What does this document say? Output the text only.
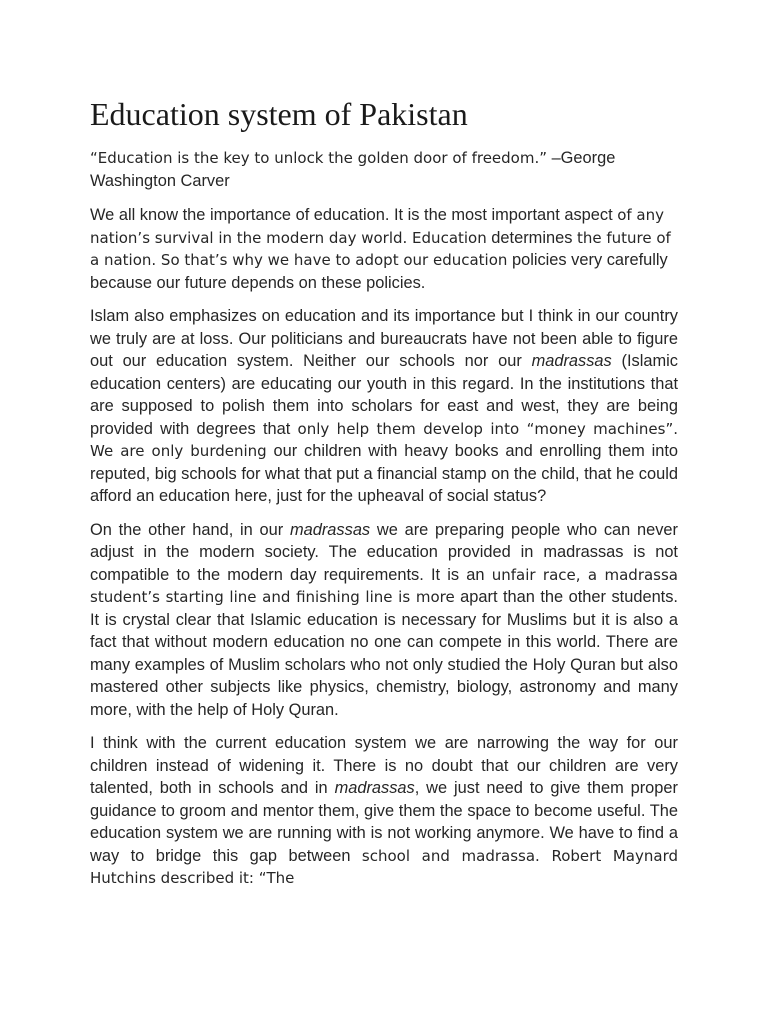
Education system of Pakistan

“Education is the key to unlock the golden door of freedom.” –George Washington Carver

We all know the importance of education. It is the most important aspect of any nation’s survival in the modern day world. Education determines the future of a nation. So that’s why we have to adopt our education policies very carefully because our future depends on these policies.

Islam also emphasizes on education and its importance but I think in our country we truly are at loss. Our politicians and bureaucrats have not been able to figure out our education system. Neither our schools nor our madrassas (Islamic education centers) are educating our youth in this regard. In the institutions that are supposed to polish them into scholars for east and west, they are being provided with degrees that only help them develop into “money machines”. We are only burdening our children with heavy books and enrolling them into reputed, big schools for what that put a financial stamp on the child, that he could afford an education here, just for the upheaval of social status?

On the other hand, in our madrassas we are preparing people who can never adjust in the modern society. The education provided in madrassas is not compatible to the modern day requirements. It is an unfair race, a madrassa student’s starting line and finishing line is more apart than the other students. It is crystal clear that Islamic education is necessary for Muslims but it is also a fact that without modern education no one can compete in this world. There are many examples of Muslim scholars who not only studied the Holy Quran but also mastered other subjects like physics, chemistry, biology, astronomy and many more, with the help of Holy Quran.

I think with the current education system we are narrowing the way for our children instead of widening it. There is no doubt that our children are very talented, both in schools and in madrassas, we just need to give them proper guidance to groom and mentor them, give them the space to become useful. The education system we are running with is not working anymore. We have to find a way to bridge this gap between school and madrassa. Robert Maynard Hutchins described it: “The
